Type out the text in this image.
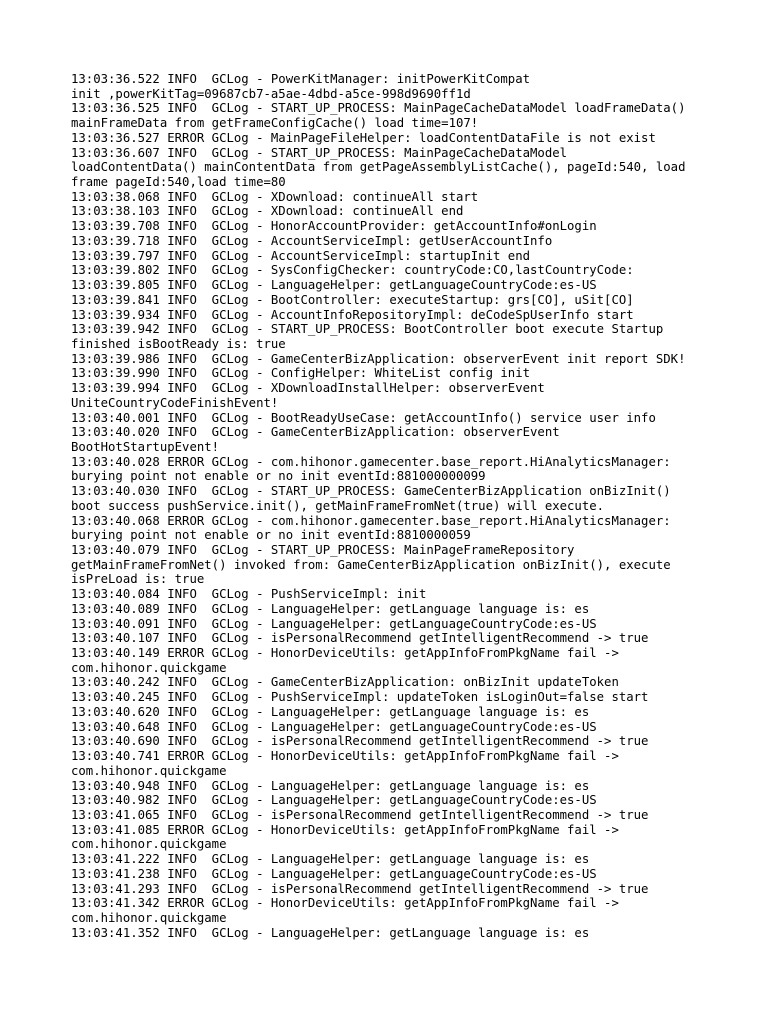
13:03:36.522 INFO  GCLog - PowerKitManager: initPowerKitCompat
init ,powerKitTag=09687cb7-a5ae-4dbd-a5ce-998d9690ff1d
13:03:36.525 INFO  GCLog - START_UP_PROCESS: MainPageCacheDataModel loadFrameData()
mainFrameData from getFrameConfigCache() load time=107!
13:03:36.527 ERROR GCLog - MainPageFileHelper: loadContentDataFile is not exist
13:03:36.607 INFO  GCLog - START_UP_PROCESS: MainPageCacheDataModel
loadContentData() mainContentData from getPageAssemblyListCache(), pageId:540, load
frame pageId:540,load time=80
13:03:38.068 INFO  GCLog - XDownload: continueAll start
13:03:38.103 INFO  GCLog - XDownload: continueAll end
13:03:39.708 INFO  GCLog - HonorAccountProvider: getAccountInfo#onLogin
13:03:39.718 INFO  GCLog - AccountServiceImpl: getUserAccountInfo
13:03:39.797 INFO  GCLog - AccountServiceImpl: startupInit end
13:03:39.802 INFO  GCLog - SysConfigChecker: countryCode:CO,lastCountryCode:
13:03:39.805 INFO  GCLog - LanguageHelper: getLanguageCountryCode:es-US
13:03:39.841 INFO  GCLog - BootController: executeStartup: grs[CO], uSit[CO]
13:03:39.934 INFO  GCLog - AccountInfoRepositoryImpl: deCodeSpUserInfo start
13:03:39.942 INFO  GCLog - START_UP_PROCESS: BootController boot execute Startup
finished isBootReady is: true
13:03:39.986 INFO  GCLog - GameCenterBizApplication: observerEvent init report SDK!
13:03:39.990 INFO  GCLog - ConfigHelper: WhiteList config init
13:03:39.994 INFO  GCLog - XDownloadInstallHelper: observerEvent
UniteCountryCodeFinishEvent!
13:03:40.001 INFO  GCLog - BootReadyUseCase: getAccountInfo() service user info
13:03:40.020 INFO  GCLog - GameCenterBizApplication: observerEvent
BootHotStartupEvent!
13:03:40.028 ERROR GCLog - com.hihonor.gamecenter.base_report.HiAnalyticsManager:
burying point not enable or no init eventId:881000000099
13:03:40.030 INFO  GCLog - START_UP_PROCESS: GameCenterBizApplication onBizInit()
boot success pushService.init(), getMainFrameFromNet(true) will execute.
13:03:40.068 ERROR GCLog - com.hihonor.gamecenter.base_report.HiAnalyticsManager:
burying point not enable or no init eventId:8810000059
13:03:40.079 INFO  GCLog - START_UP_PROCESS: MainPageFrameRepository
getMainFrameFromNet() invoked from: GameCenterBizApplication onBizInit(), execute
isPreLoad is: true
13:03:40.084 INFO  GCLog - PushServiceImpl: init
13:03:40.089 INFO  GCLog - LanguageHelper: getLanguage language is: es
13:03:40.091 INFO  GCLog - LanguageHelper: getLanguageCountryCode:es-US
13:03:40.107 INFO  GCLog - isPersonalRecommend getIntelligentRecommend -> true
13:03:40.149 ERROR GCLog - HonorDeviceUtils: getAppInfoFromPkgName fail ->
com.hihonor.quickgame
13:03:40.242 INFO  GCLog - GameCenterBizApplication: onBizInit updateToken
13:03:40.245 INFO  GCLog - PushServiceImpl: updateToken isLoginOut=false start
13:03:40.620 INFO  GCLog - LanguageHelper: getLanguage language is: es
13:03:40.648 INFO  GCLog - LanguageHelper: getLanguageCountryCode:es-US
13:03:40.690 INFO  GCLog - isPersonalRecommend getIntelligentRecommend -> true
13:03:40.741 ERROR GCLog - HonorDeviceUtils: getAppInfoFromPkgName fail ->
com.hihonor.quickgame
13:03:40.948 INFO  GCLog - LanguageHelper: getLanguage language is: es
13:03:40.982 INFO  GCLog - LanguageHelper: getLanguageCountryCode:es-US
13:03:41.065 INFO  GCLog - isPersonalRecommend getIntelligentRecommend -> true
13:03:41.085 ERROR GCLog - HonorDeviceUtils: getAppInfoFromPkgName fail ->
com.hihonor.quickgame
13:03:41.222 INFO  GCLog - LanguageHelper: getLanguage language is: es
13:03:41.238 INFO  GCLog - LanguageHelper: getLanguageCountryCode:es-US
13:03:41.293 INFO  GCLog - isPersonalRecommend getIntelligentRecommend -> true
13:03:41.342 ERROR GCLog - HonorDeviceUtils: getAppInfoFromPkgName fail ->
com.hihonor.quickgame
13:03:41.352 INFO  GCLog - LanguageHelper: getLanguage language is: es
